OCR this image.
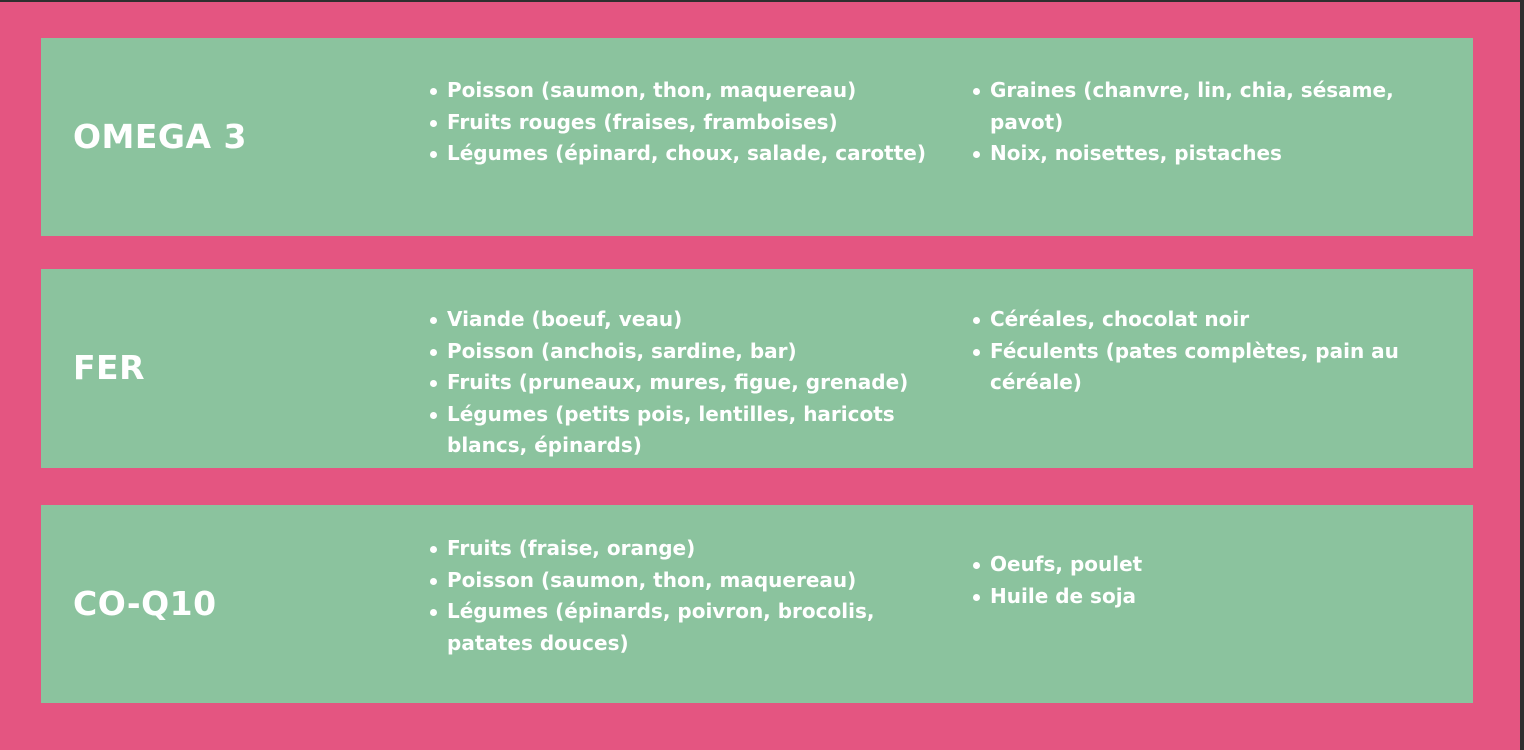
OMEGA 3
Poisson (saumon, thon, maquereau)
Fruits rouges (fraises, framboises)
Légumes (épinard, choux, salade, carotte)
Graines (chanvre, lin, chia, sésame, pavot)
Noix, noisettes, pistaches
FER
Viande (boeuf, veau)
Poisson (anchois, sardine, bar)
Fruits (pruneaux, mures, figue, grenade)
Légumes (petits pois, lentilles, haricots blancs, épinards)
Céréales, chocolat noir
Féculents (pates complètes, pain au céréale)
CO-Q10
Fruits (fraise, orange)
Poisson (saumon, thon, maquereau)
Légumes (épinards, poivron, brocolis, patates douces)
Oeufs, poulet
Huile de soja
